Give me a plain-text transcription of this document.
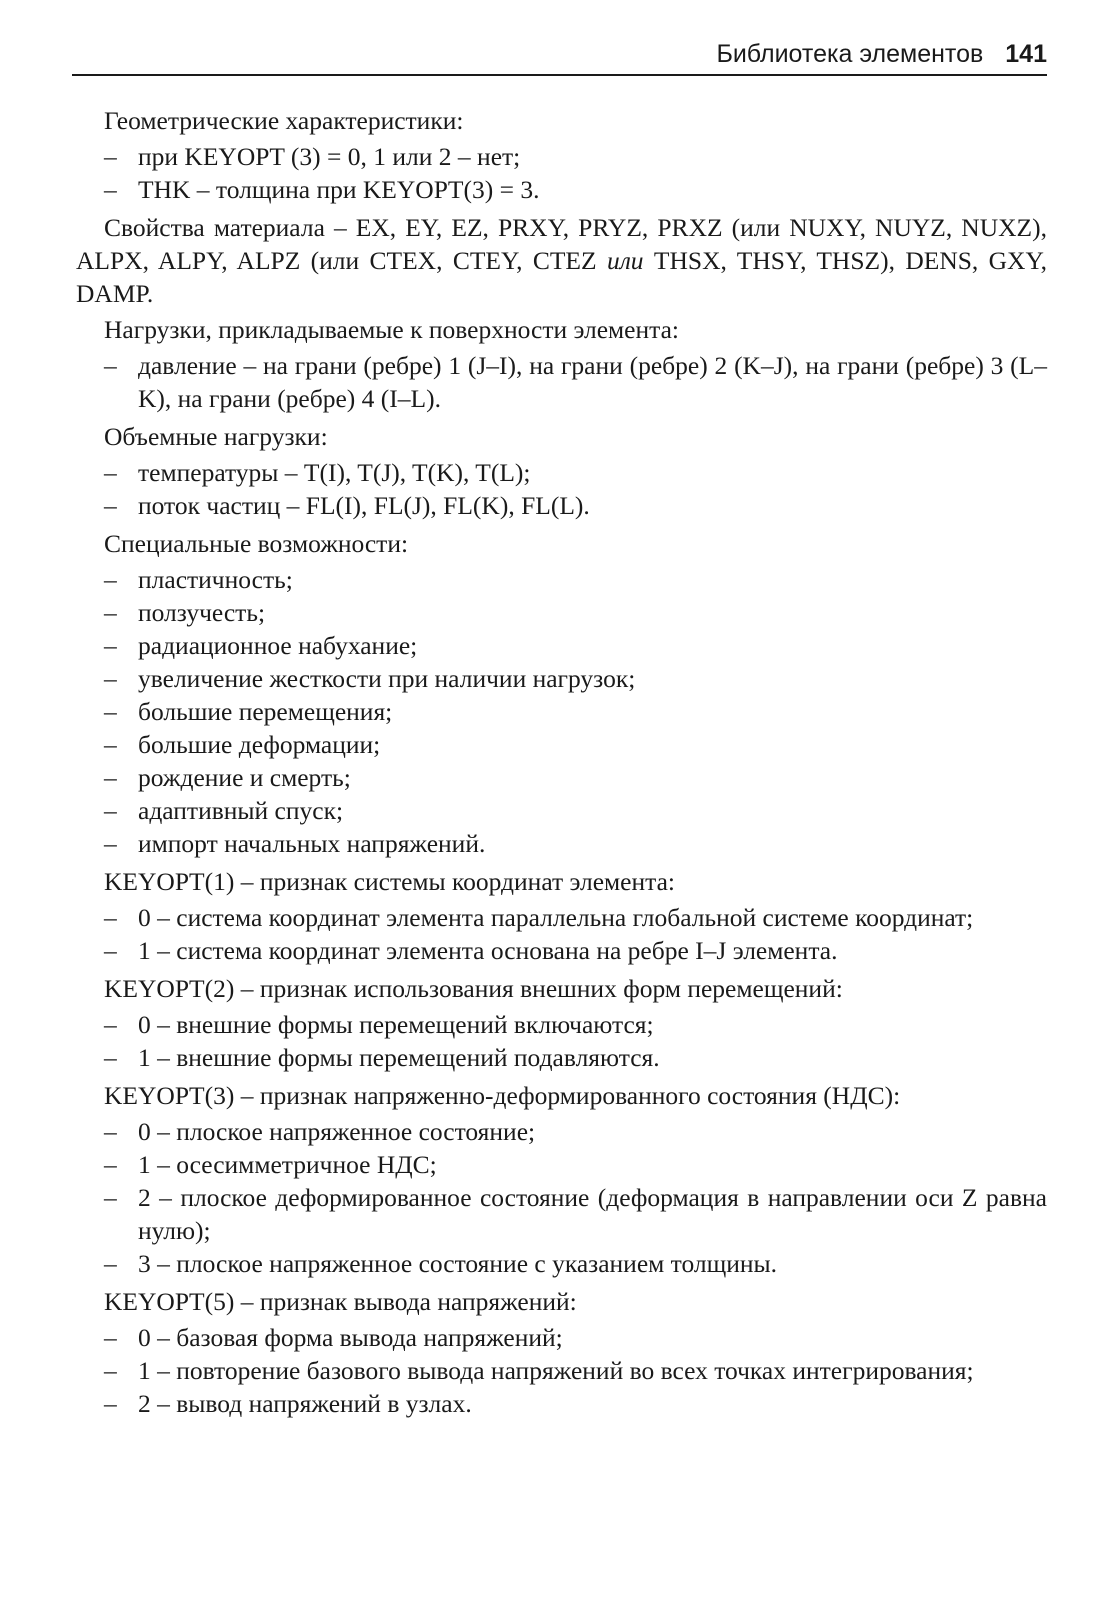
Библиотека элементов 141

Геометрические характеристики:

– при KEYOPT (3) = 0, 1 или 2 – нет;
– THK – толщина при KEYOPT(3) = 3.

Свойства материала – EX, EY, EZ, PRXY, PRYZ, PRXZ (или NUXY, NUYZ, NUXZ), ALPX, ALPY, ALPZ (или CTEX, CTEY, CTEZ или THSX, THSY, THSZ), DENS, GXY, DAMP.

Нагрузки, прикладываемые к поверхности элемента:

– давление – на грани (ребре) 1 (J–I), на грани (ребре) 2 (K–J), на грани (ребре) 3 (L–K), на грани (ребре) 4 (I–L).

Объемные нагрузки:

– температуры – T(I), T(J), T(K), T(L);
– поток частиц – FL(I), FL(J), FL(K), FL(L).

Специальные возможности:

– пластичность;
– ползучесть;
– радиационное набухание;
– увеличение жесткости при наличии нагрузок;
– большие перемещения;
– большие деформации;
– рождение и смерть;
– адаптивный спуск;
– импорт начальных напряжений.

KEYOPT(1) – признак системы координат элемента:

– 0 – система координат элемента параллельна глобальной системе координат;
– 1 – система координат элемента основана на ребре I–J элемента.

KEYOPT(2) – признак использования внешних форм перемещений:

– 0 – внешние формы перемещений включаются;
– 1 – внешние формы перемещений подавляются.

KEYOPT(3) – признак напряженно-деформированного состояния (НДС):

– 0 – плоское напряженное состояние;
– 1 – осесимметричное НДС;
– 2 – плоское деформированное состояние (деформация в направлении оси Z равна нулю);
– 3 – плоское напряженное состояние с указанием толщины.

KEYOPT(5) – признак вывода напряжений:

– 0 – базовая форма вывода напряжений;
– 1 – повторение базового вывода напряжений во всех точках интегрирования;
– 2 – вывод напряжений в узлах.
